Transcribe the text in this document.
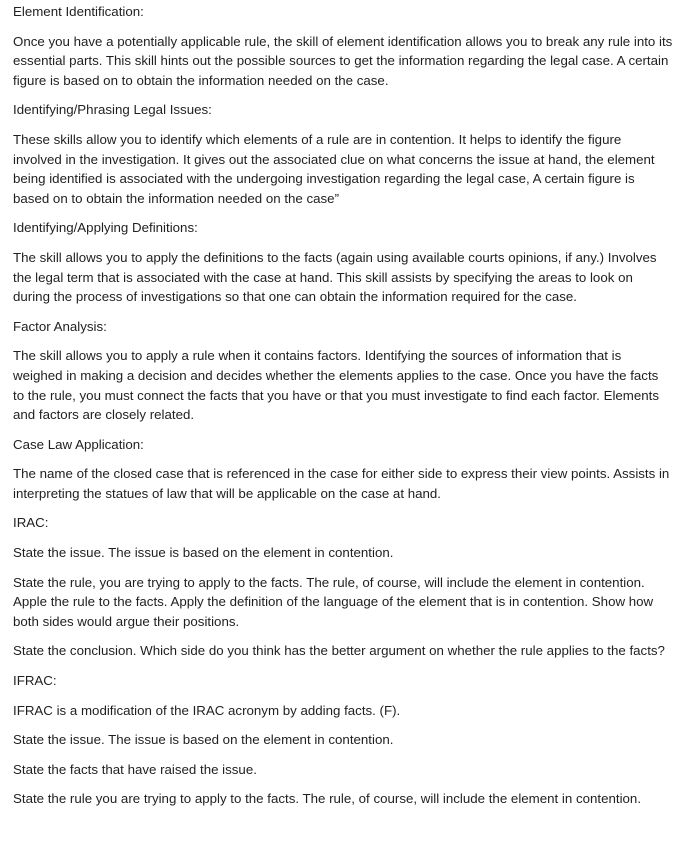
Element Identification:

Once you have a potentially applicable rule, the skill of element identification allows you to break any rule into its essential parts. This skill hints out the possible sources to get the information regarding the legal case. A certain figure is based on to obtain the information needed on the case.

Identifying/Phrasing Legal Issues:

These skills allow you to identify which elements of a rule are in contention. It helps to identify the figure involved in the investigation. It gives out the associated clue on what concerns the issue at hand, the element being identified is associated with the undergoing investigation regarding the legal case, A certain figure is based on to obtain the information needed on the case”

Identifying/Applying Definitions:

The skill allows you to apply the definitions to the facts (again using available courts opinions, if any.) Involves the legal term that is associated with the case at hand. This skill assists by specifying the areas to look on during the process of investigations so that one can obtain the information required for the case.

Factor Analysis:

The skill allows you to apply a rule when it contains factors. Identifying the sources of information that is weighed in making a decision and decides whether the elements applies to the case. Once you have the facts to the rule, you must connect the facts that you have or that you must investigate to find each factor. Elements and factors are closely related.

Case Law Application:

The name of the closed case that is referenced in the case for either side to express their view points. Assists in interpreting the statues of law that will be applicable on the case at hand.

IRAC:

State the issue. The issue is based on the element in contention.

State the rule, you are trying to apply to the facts. The rule, of course, will include the element in contention. Apple the rule to the facts. Apply the definition of the language of the element that is in contention. Show how both sides would argue their positions.

State the conclusion. Which side do you think has the better argument on whether the rule applies to the facts?

IFRAC:

IFRAC is a modification of the IRAC acronym by adding facts. (F).

State the issue. The issue is based on the element in contention.

State the facts that have raised the issue.

State the rule you are trying to apply to the facts. The rule, of course, will include the element in contention.
